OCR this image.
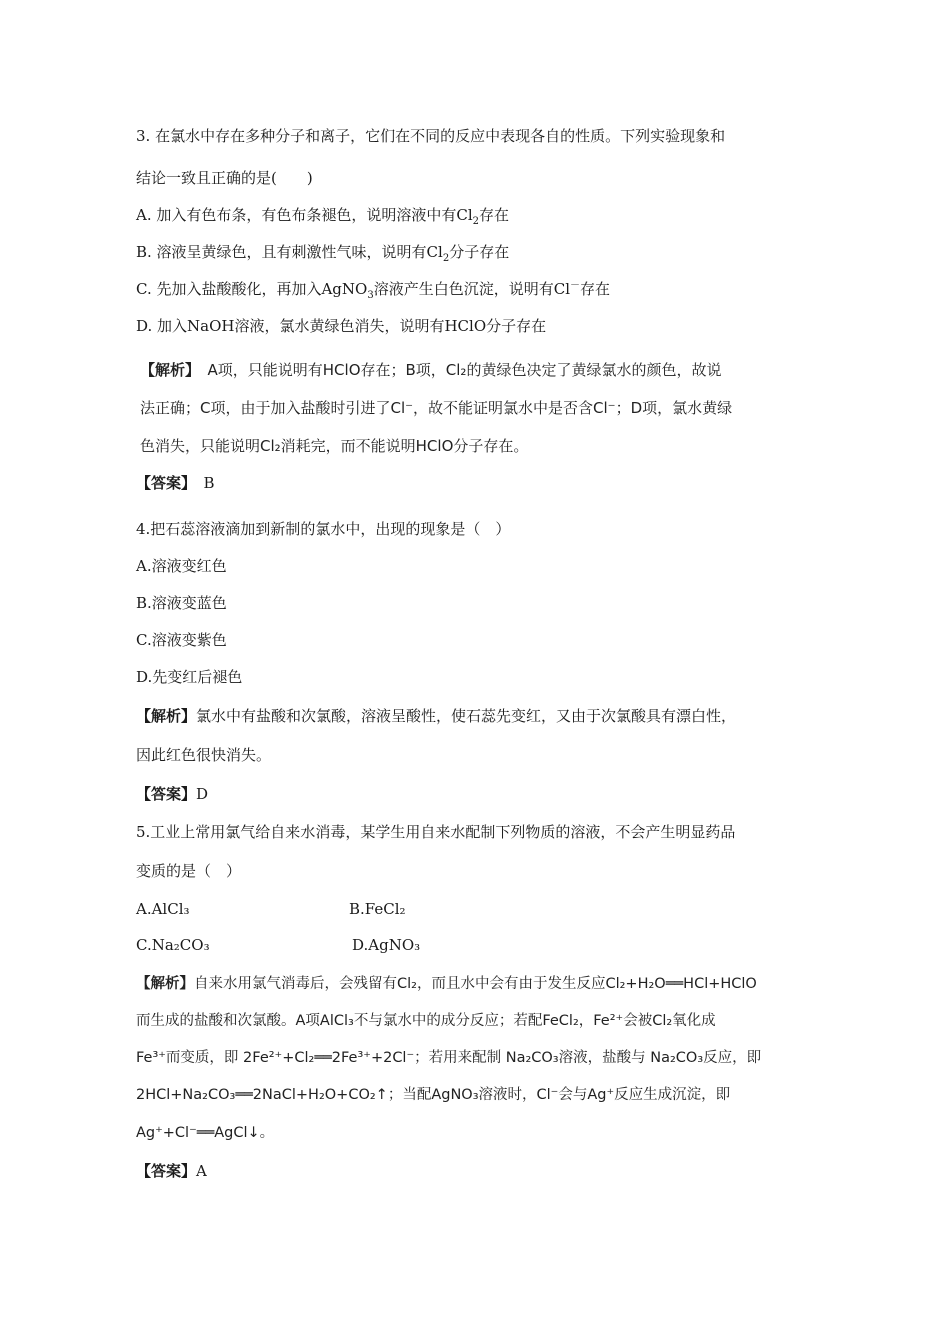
3. 在氯水中存在多种分子和离子，它们在不同的反应中表现各自的性质。下列实验现象和
结论一致且正确的是(　　)
A. 加入有色布条，有色布条褪色，说明溶液中有$Cl_2$存在
B. 溶液呈黄绿色，且有刺激性气味，说明有$Cl_2$分子存在
C. 先加入盐酸酸化，再加入AgNO$_3$溶液产生白色沉淀，说明有Cl－存在
D. 加入NaOH溶液，氯水黄绿色消失，说明有HClO分子存在
【解析】　A项，只能说明有HClO存在；B项，Cl₂的黄绿色决定了黄绿氯水的颜色，故说
法正确；C项，由于加入盐酸时引进了Cl⁻，故不能证明氯水中是否含Cl⁻；D项，氯水黄绿
色消失，只能说明Cl₂消耗完，而不能说明HClO分子存在。
【答案】　B
4.把石蕊溶液滴加到新制的氯水中，出现的现象是（　）
A.溶液变红色
B.溶液变蓝色
C.溶液变紫色
D.先变红后褪色
【解析】氯水中有盐酸和次氯酸，溶液呈酸性，使石蕊先变红，又由于次氯酸具有漂白性，
因此红色很快消失。
【答案】D
5.工业上常用氯气给自来水消毒，某学生用自来水配制下列物质的溶液，不会产生明显药品
变质的是（　）
A.AlCl₃	B.FeCl₂
C.Na₂CO₃	D.AgNO₃
【解析】自来水用氯气消毒后，会残留有Cl₂，而且水中会有由于发生反应Cl₂+H₂O══HCl+HClO
而生成的盐酸和次氯酸。A项AlCl₃不与氯水中的成分反应；若配FeCl₂，Fe²⁺会被Cl₂氧化成
Fe³⁺而变质，即 2Fe²⁺+Cl₂══2Fe³⁺+2Cl⁻；若用来配制 Na₂CO₃溶液，盐酸与 Na₂CO₃反应，即
2HCl+Na₂CO₃══2NaCl+H₂O+CO₂↑；当配AgNO₃溶液时，Cl⁻会与Ag⁺反应生成沉淀，即
Ag⁺+Cl⁻══AgCl↓。
【答案】A
